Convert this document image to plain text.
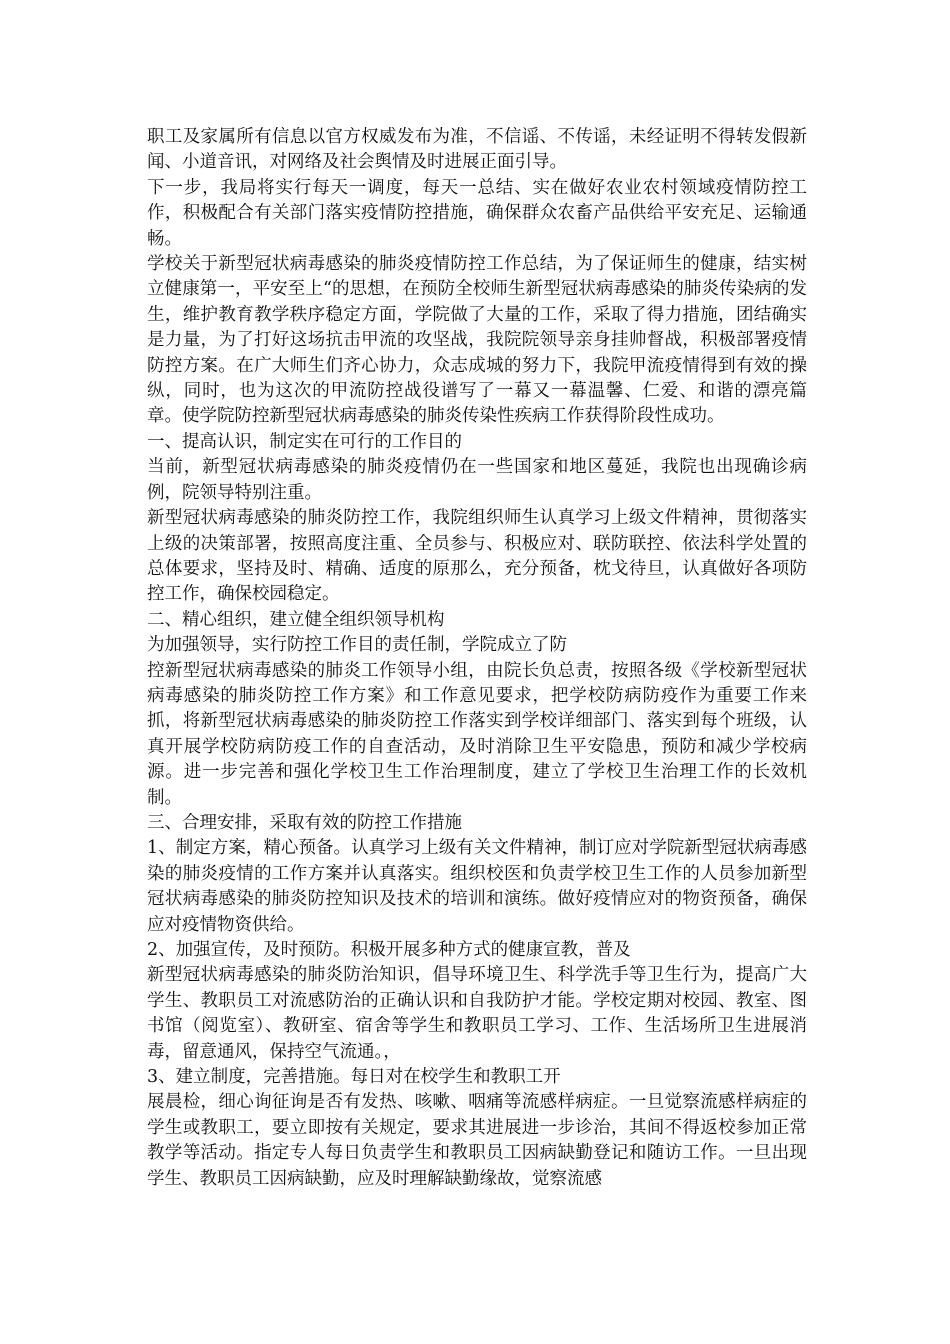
职工及家属所有信息以官方权威发布为准，不信谣、不传谣，未经证明不得转发假新闻、小道音讯，对网络及社会舆情及时进展正面引导。

下一步，我局将实行每天一调度，每天一总结、实在做好农业农村领域疫情防控工作，积极配合有关部门落实疫情防控措施，确保群众农畜产品供给平安充足、运输通畅。

学校关于新型冠状病毒感染的肺炎疫情防控工作总结，为了保证师生的健康，结实树立健康第一，平安至上“的思想，在预防全校师生新型冠状病毒感染的肺炎传染病的发生，维护教育教学秩序稳定方面，学院做了大量的工作，采取了得力措施，团结确实是力量，为了打好这场抗击甲流的攻坚战，我院院领导亲身挂帅督战，积极部署疫情防控方案。在广大师生们齐心协力，众志成城的努力下，我院甲流疫情得到有效的操纵，同时，也为这次的甲流防控战役谱写了一幕又一幕温馨、仁爱、和谐的漂亮篇章。使学院防控新型冠状病毒感染的肺炎传染性疾病工作获得阶段性成功。

一、提高认识，制定实在可行的工作目的

当前，新型冠状病毒感染的肺炎疫情仍在一些国家和地区蔓延，我院也出现确诊病例，院领导特别注重。

新型冠状病毒感染的肺炎防控工作，我院组织师生认真学习上级文件精神，贯彻落实上级的决策部署，按照高度注重、全员参与、积极应对、联防联控、依法科学处置的总体要求，坚持及时、精确、适度的原那么，充分预备，枕戈待旦，认真做好各项防控工作，确保校园稳定。

二、精心组织，建立健全组织领导机构

为加强领导，实行防控工作目的责任制，学院成立了防

控新型冠状病毒感染的肺炎工作领导小组，由院长负总责，按照各级《学校新型冠状病毒感染的肺炎防控工作方案》和工作意见要求，把学校防病防疫作为重要工作来抓，将新型冠状病毒感染的肺炎防控工作落实到学校详细部门、落实到每个班级，认真开展学校防病防疫工作的自查活动，及时消除卫生平安隐患，预防和减少学校病源。进一步完善和强化学校卫生工作治理制度，建立了学校卫生治理工作的长效机制。

三、合理安排，采取有效的防控工作措施

1、制定方案，精心预备。认真学习上级有关文件精神，制订应对学院新型冠状病毒感染的肺炎疫情的工作方案并认真落实。组织校医和负责学校卫生工作的人员参加新型冠状病毒感染的肺炎防控知识及技术的培训和演练。做好疫情应对的物资预备，确保应对疫情物资供给。

2、加强宣传，及时预防。积极开展多种方式的健康宣教，普及

新型冠状病毒感染的肺炎防治知识，倡导环境卫生、科学洗手等卫生行为，提高广大学生、教职员工对流感防治的正确认识和自我防护才能。学校定期对校园、教室、图书馆（阅览室）、教研室、宿舍等学生和教职员工学习、工作、生活场所卫生进展消毒，留意通风，保持空气流通。，

3、建立制度，完善措施。每日对在校学生和教职工开

展晨检，细心询征询是否有发热、咳嗽、咽痛等流感样病症。一旦觉察流感样病症的学生或教职工，要立即按有关规定，要求其进展进一步诊治，其间不得返校参加正常教学等活动。指定专人每日负责学生和教职员工因病缺勤登记和随访工作。一旦出现学生、教职员工因病缺勤，应及时理解缺勤缘故，觉察流感
